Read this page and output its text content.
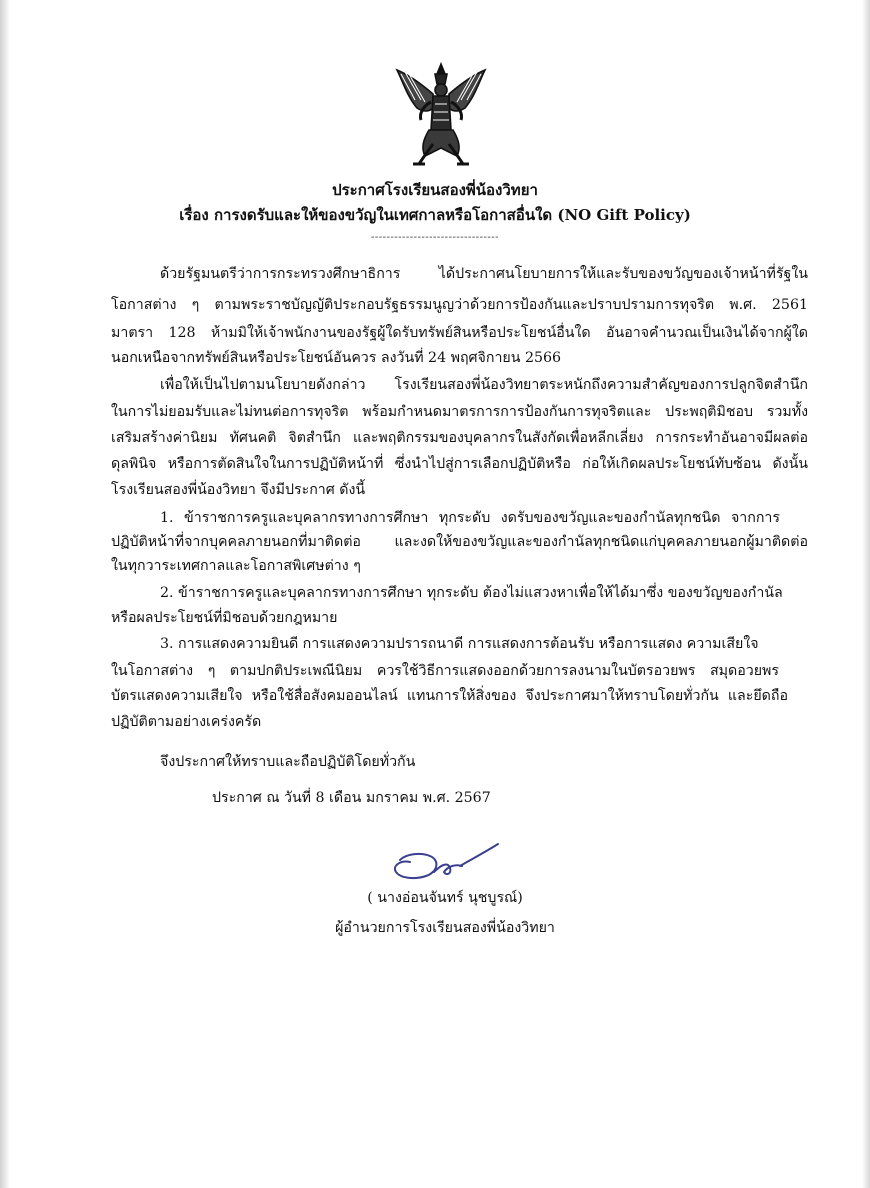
ประกาศโรงเรียนสองพี่น้องวิทยา
เรื่อง การงดรับและให้ของขวัญในเทศกาลหรือโอกาสอื่นใด (NO Gift Policy)
---------------------------------
ด้วยรัฐมนตรีว่าการกระทรวงศึกษาธิการ ได้ประกาศนโยบายการให้และรับของขวัญของเจ้าหน้าที่รัฐใน
โอกาสต่าง ๆ ตามพระราชบัญญัติประกอบรัฐธรรมนูญว่าด้วยการป้องกันและปราบปรามการทุจริต พ.ศ. 2561
มาตรา 128 ห้ามมิให้เจ้าพนักงานของรัฐผู้ใดรับทรัพย์สินหรือประโยชน์อื่นใด อันอาจคำนวณเป็นเงินได้จากผู้ใด
นอกเหนือจากทรัพย์สินหรือประโยชน์อันควร ลงวันที่ 24 พฤศจิกายน 2566
เพื่อให้เป็นไปตามนโยบายดังกล่าว โรงเรียนสองพี่น้องวิทยาตระหนักถึงความสำคัญของการปลูกจิตสำนึก
ในการไม่ยอมรับและไม่ทนต่อการทุจริต พร้อมกำหนดมาตรการการป้องกันการทุจริตและ ประพฤติมิชอบ รวมทั้ง
เสริมสร้างค่านิยม ทัศนคติ จิตสำนึก และพฤติกรรมของบุคลากรในสังกัดเพื่อหลีกเลี่ยง การกระทำอันอาจมีผลต่อ
ดุลพินิจ หรือการตัดสินใจในการปฏิบัติหน้าที่ ซึ่งนำไปสู่การเลือกปฏิบัติหรือ ก่อให้เกิดผลประโยชน์ทับซ้อน ดังนั้น
โรงเรียนสองพี่น้องวิทยา จึงมีประกาศ ดังนี้
1. ข้าราชการครูและบุคลากรทางการศึกษา ทุกระดับ งดรับของขวัญและของกำนัลทุกชนิด จากการ
ปฏิบัติหน้าที่จากบุคคลภายนอกที่มาติดต่อ และงดให้ของขวัญและของกำนัลทุกชนิดแก่บุคคลภายนอกผู้มาติดต่อ
ในทุกวาระเทศกาลและโอกาสพิเศษต่าง ๆ
2. ข้าราชการครูและบุคลากรทางการศึกษา ทุกระดับ ต้องไม่แสวงหาเพื่อให้ได้มาซึ่ง ของขวัญของกำนัล
หรือผลประโยชน์ที่มิชอบด้วยกฎหมาย
3. การแสดงความยินดี การแสดงความปรารถนาดี การแสดงการต้อนรับ หรือการแสดง ความเสียใจ
ในโอกาสต่าง ๆ ตามปกติประเพณีนิยม ควรใช้วิธีการแสดงออกด้วยการลงนามในบัตรอวยพร สมุดอวยพร
บัตรแสดงความเสียใจ หรือใช้สื่อสังคมออนไลน์ แทนการให้สิ่งของ จึงประกาศมาให้ทราบโดยทั่วกัน และยึดถือ
ปฏิบัติตามอย่างเคร่งครัด
จึงประกาศให้ทราบและถือปฏิบัติโดยทั่วกัน
ประกาศ ณ วันที่ 8 เดือน มกราคม พ.ศ. 2567
( นางอ่อนจันทร์ นุชบูรณ์)
ผู้อำนวยการโรงเรียนสองพี่น้องวิทยา
